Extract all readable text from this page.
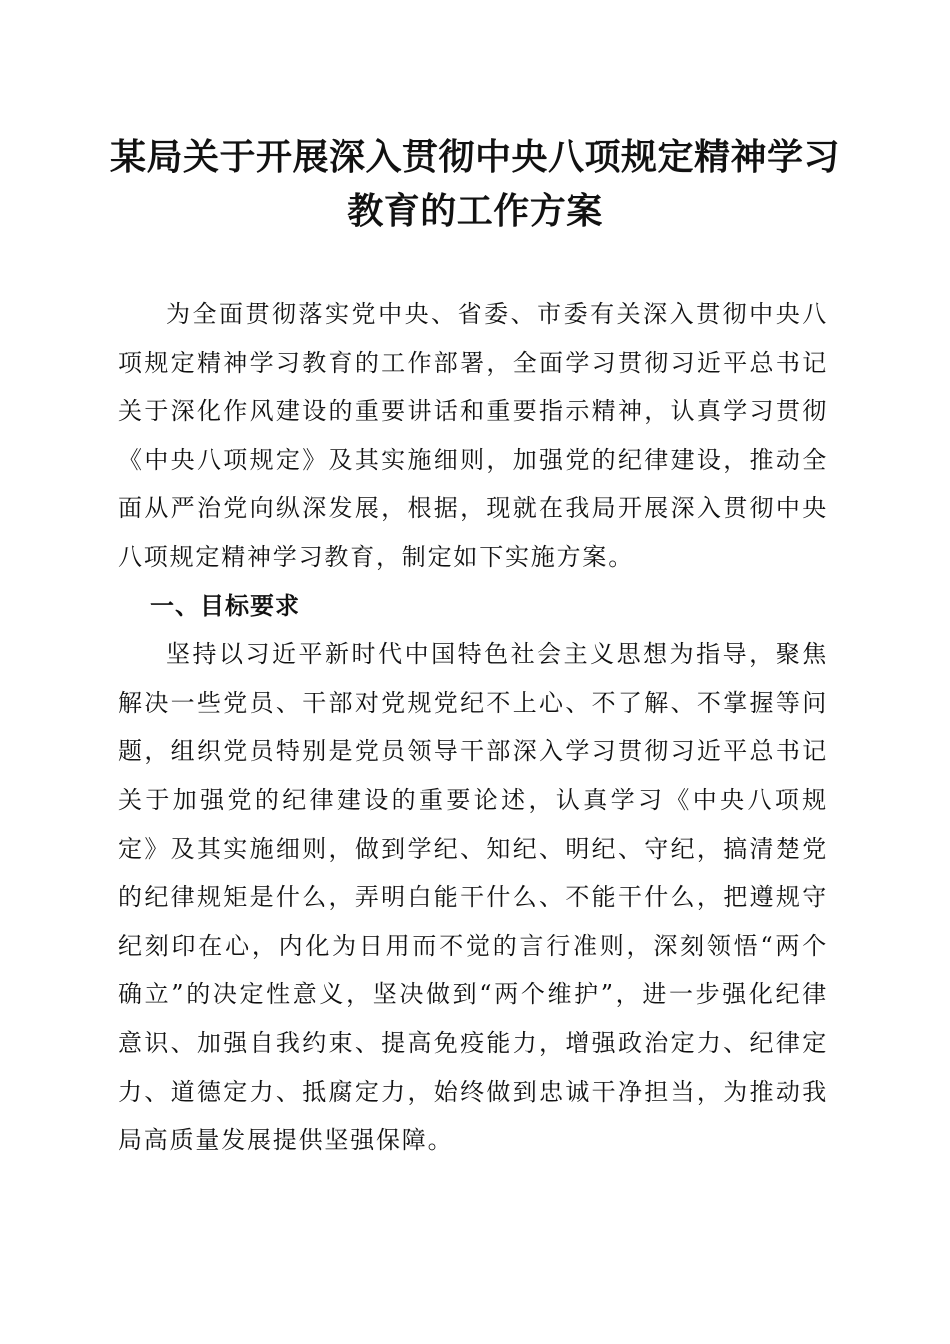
某局关于开展深入贯彻中央八项规定精神学习
教育的工作方案

为全面贯彻落实党中央、省委、市委有关深入贯彻中央八项规定精神学习教育的工作部署，全面学习贯彻习近平总书记关于深化作风建设的重要讲话和重要指示精神，认真学习贯彻《中央八项规定》及其实施细则，加强党的纪律建设，推动全面从严治党向纵深发展，根据，现就在我局开展深入贯彻中央八项规定精神学习教育，制定如下实施方案。

一、目标要求

坚持以习近平新时代中国特色社会主义思想为指导，聚焦解决一些党员、干部对党规党纪不上心、不了解、不掌握等问题，组织党员特别是党员领导干部深入学习贯彻习近平总书记关于加强党的纪律建设的重要论述，认真学习《中央八项规定》及其实施细则，做到学纪、知纪、明纪、守纪，搞清楚党的纪律规矩是什么，弄明白能干什么、不能干什么，把遵规守纪刻印在心，内化为日用而不觉的言行准则，深刻领悟“两个确立”的决定性意义，坚决做到“两个维护”，进一步强化纪律意识、加强自我约束、提高免疫能力，增强政治定力、纪律定力、道德定力、抵腐定力，始终做到忠诚干净担当，为推动我局高质量发展提供坚强保障。
